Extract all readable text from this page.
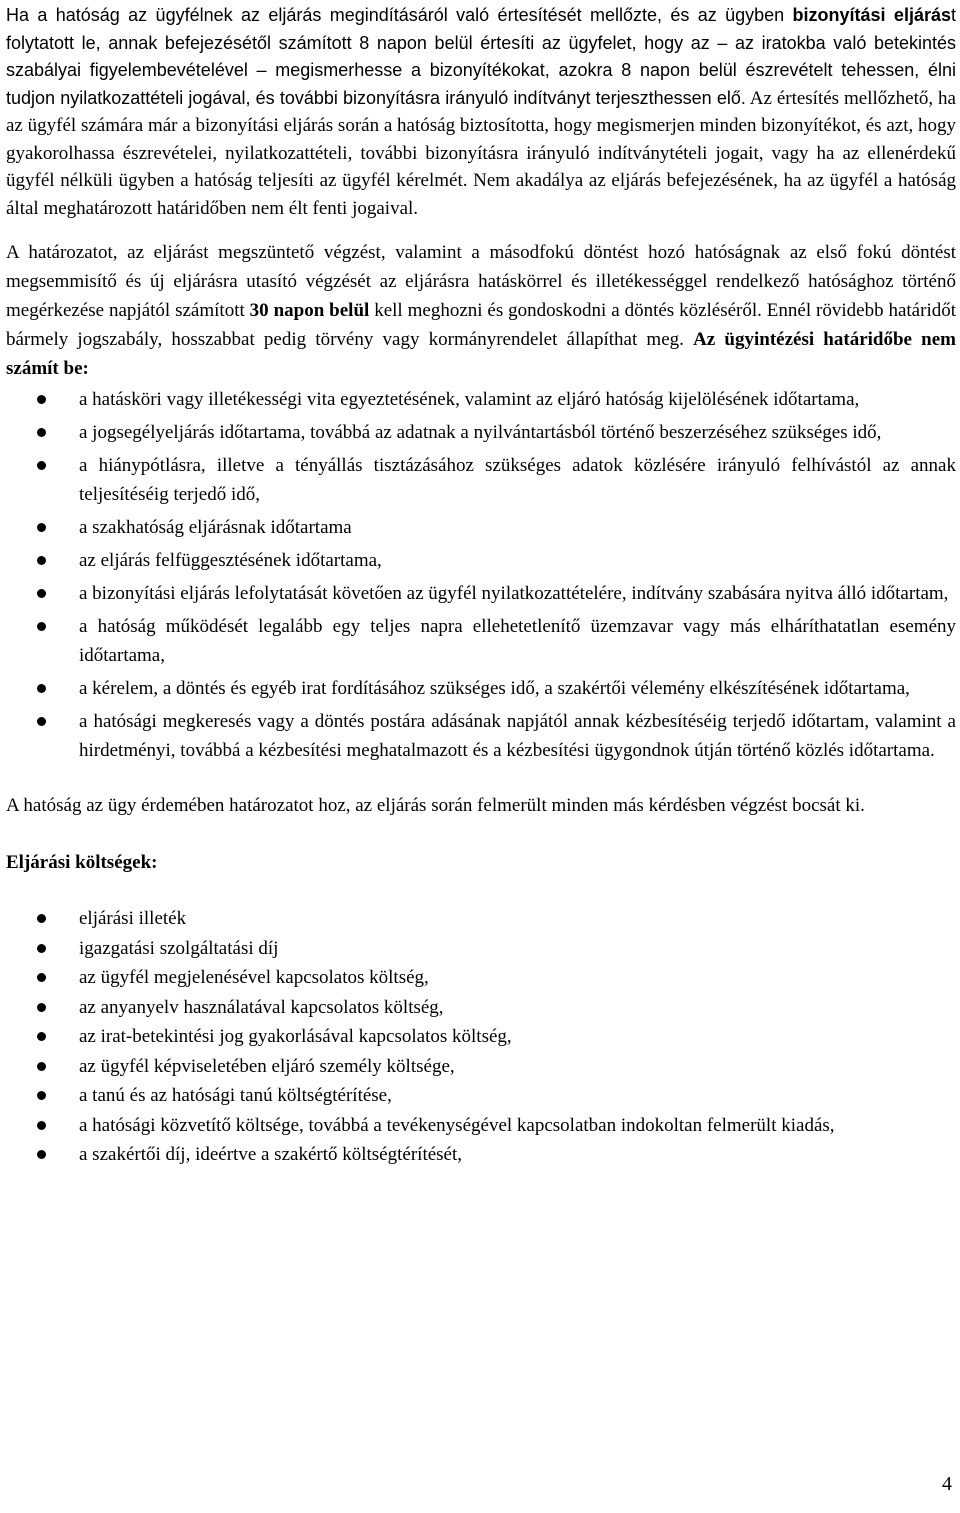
Ha a hatóság az ügyfélnek az eljárás megindításáról való értesítését mellőzte, és az ügyben bizonyítási eljárást folytatott le, annak befejezésétől számított 8 napon belül értesíti az ügyfelet, hogy az – az iratokba való betekintés szabályai figyelembevételével – megismerhesse a bizonyítékokat, azokra 8 napon belül észrevételt tehessen, élni tudjon nyilatkozattételi jogával, és további bizonyításra irányuló indítványt terjeszthessen elő. Az értesítés mellőzhető, ha az ügyfél számára már a bizonyítási eljárás során a hatóság biztosította, hogy megismerjen minden bizonyítékot, és azt, hogy gyakorolhassa észrevételei, nyilatkozattételi, további bizonyításra irányuló indítványtételi jogait, vagy ha az ellenérdekű ügyfél nélküli ügyben a hatóság teljesíti az ügyfél kérelmét. Nem akadálya az eljárás befejezésének, ha az ügyfél a hatóság által meghatározott határidőben nem élt fenti jogaival.

A határozatot, az eljárást megszüntető végzést, valamint a másodfokú döntést hozó hatóságnak az első fokú döntést megsemmisítő és új eljárásra utasító végzését az eljárásra hatáskörrel és illetékességgel rendelkező hatósághoz történő megérkezése napjától számított 30 napon belül kell meghozni és gondoskodni a döntés közléséről. Ennél rövidebb határidőt bármely jogszabály, hosszabbat pedig törvény vagy kormányrendelet állapíthat meg. Az ügyintézési határidőbe nem számít be:

a hatásköri vagy illetékességi vita egyeztetésének, valamint az eljáró hatóság kijelölésének időtartama,
a jogsegélyeljárás időtartama, továbbá az adatnak a nyilvántartásból történő beszerzéséhez szükséges idő,
a hiánypótlásra, illetve a tényállás tisztázásához szükséges adatok közlésére irányuló felhívástól az annak teljesítéséig terjedő idő,
a szakhatóság eljárásnak időtartama
az eljárás felfüggesztésének időtartama,
a bizonyítási eljárás lefolytatását követően az ügyfél nyilatkozattételére, indítvány szabására nyitva álló időtartam,
a hatóság működését legalább egy teljes napra ellehetetlenítő üzemzavar vagy más elháríthatatlan esemény időtartama,
a kérelem, a döntés és egyéb irat fordításához szükséges idő, a szakértői vélemény elkészítésének időtartama,
a hatósági megkeresés vagy a döntés postára adásának napjától annak kézbesítéséig terjedő időtartam, valamint a hirdetményi, továbbá a kézbesítési meghatalmazott és a kézbesítési ügygondnok útján történő közlés időtartama.

A hatóság az ügy érdemében határozatot hoz, az eljárás során felmerült minden más kérdésben végzést bocsát ki.

Eljárási költségek:

eljárási illeték
igazgatási szolgáltatási díj
az ügyfél megjelenésével kapcsolatos költség,
az anyanyelv használatával kapcsolatos költség,
az irat-betekintési jog gyakorlásával kapcsolatos költség,
az ügyfél képviseletében eljáró személy költsége,
a tanú és az hatósági tanú költségtérítése,
a hatósági közvetítő költsége, továbbá a tevékenységével kapcsolatban indokoltan felmerült kiadás,
a szakértői díj, ideértve a szakértő költségtérítését,
4
